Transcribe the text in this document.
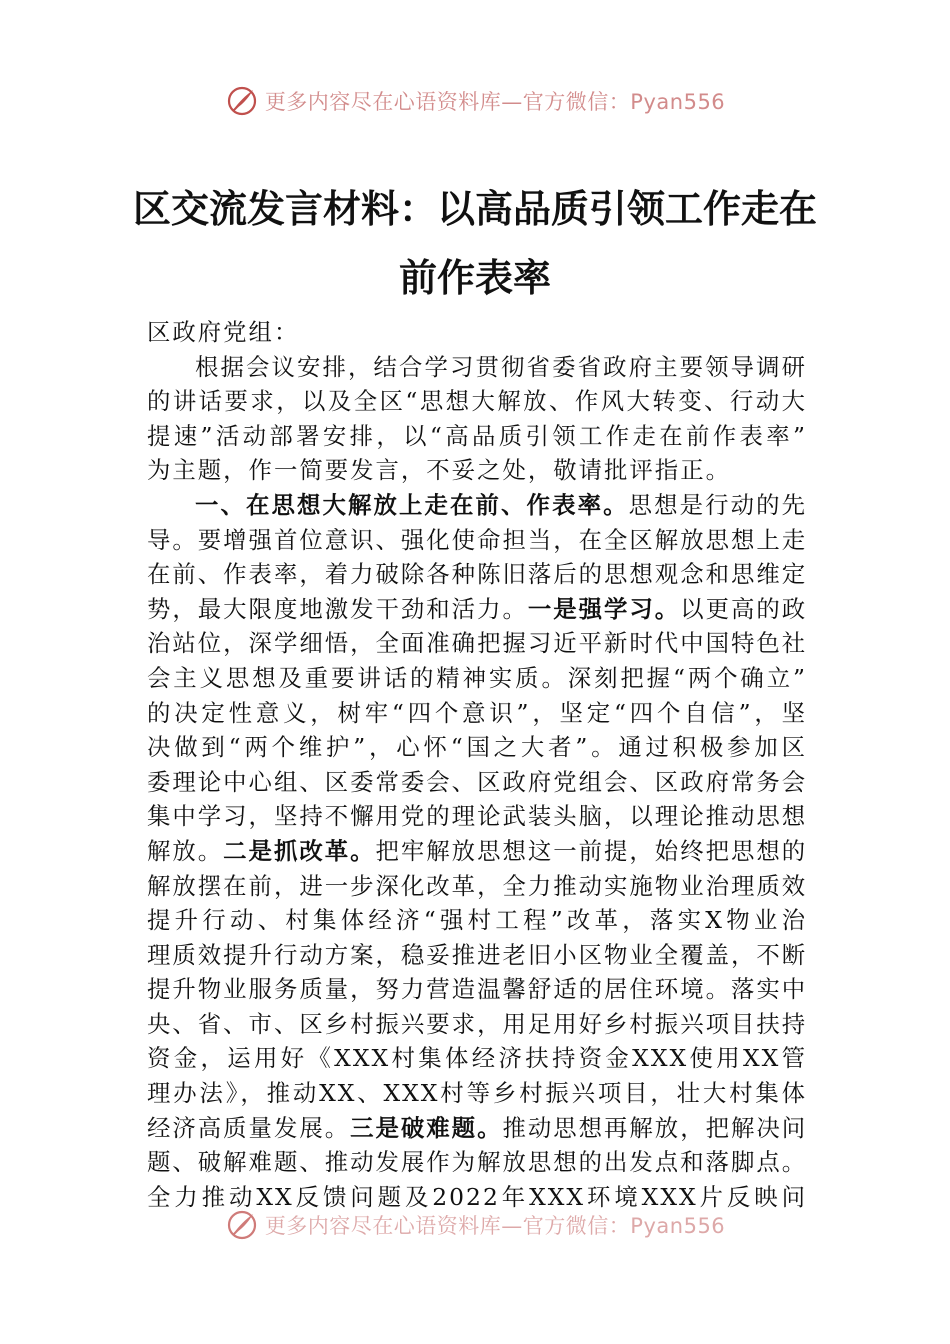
更多内容尽在心语资料库—官方微信：Pyan556
区交流发言材料：以高品质引领工作走在
前作表率
区政府党组：
根据会议安排，结合学习贯彻省委省政府主要领导调研
的讲话要求，以及全区“思想大解放、作风大转变、行动大
提速”活动部署安排，以“高品质引领工作走在前作表率”
为主题，作一简要发言，不妥之处，敬请批评指正。
一、在思想大解放上走在前、作表率。思想是行动的先
导。要增强首位意识、强化使命担当，在全区解放思想上走
在前、作表率，着力破除各种陈旧落后的思想观念和思维定
势，最大限度地激发干劲和活力。一是强学习。以更高的政
治站位，深学细悟，全面准确把握习近平新时代中国特色社
会主义思想及重要讲话的精神实质。深刻把握“两个确立”
的决定性意义，树牢“四个意识”，坚定“四个自信”，坚
决做到“两个维护”，心怀“国之大者”。通过积极参加区
委理论中心组、区委常委会、区政府党组会、区政府常务会
集中学习，坚持不懈用党的理论武装头脑，以理论推动思想
解放。二是抓改革。把牢解放思想这一前提，始终把思想的
解放摆在前，进一步深化改革，全力推动实施物业治理质效
提升行动、村集体经济“强村工程”改革，落实X物业治
理质效提升行动方案，稳妥推进老旧小区物业全覆盖，不断
提升物业服务质量，努力营造温馨舒适的居住环境。落实中
央、省、市、区乡村振兴要求，用足用好乡村振兴项目扶持
资金，运用好《XXX村集体经济扶持资金XXX使用XX管
理办法》，推动XX、XXX村等乡村振兴项目，壮大村集体
经济高质量发展。三是破难题。推动思想再解放，把解决问
题、破解难题、推动发展作为解放思想的出发点和落脚点。
全力推动XX反馈问题及2022年XXX环境XXX片反映问
更多内容尽在心语资料库—官方微信：Pyan556
